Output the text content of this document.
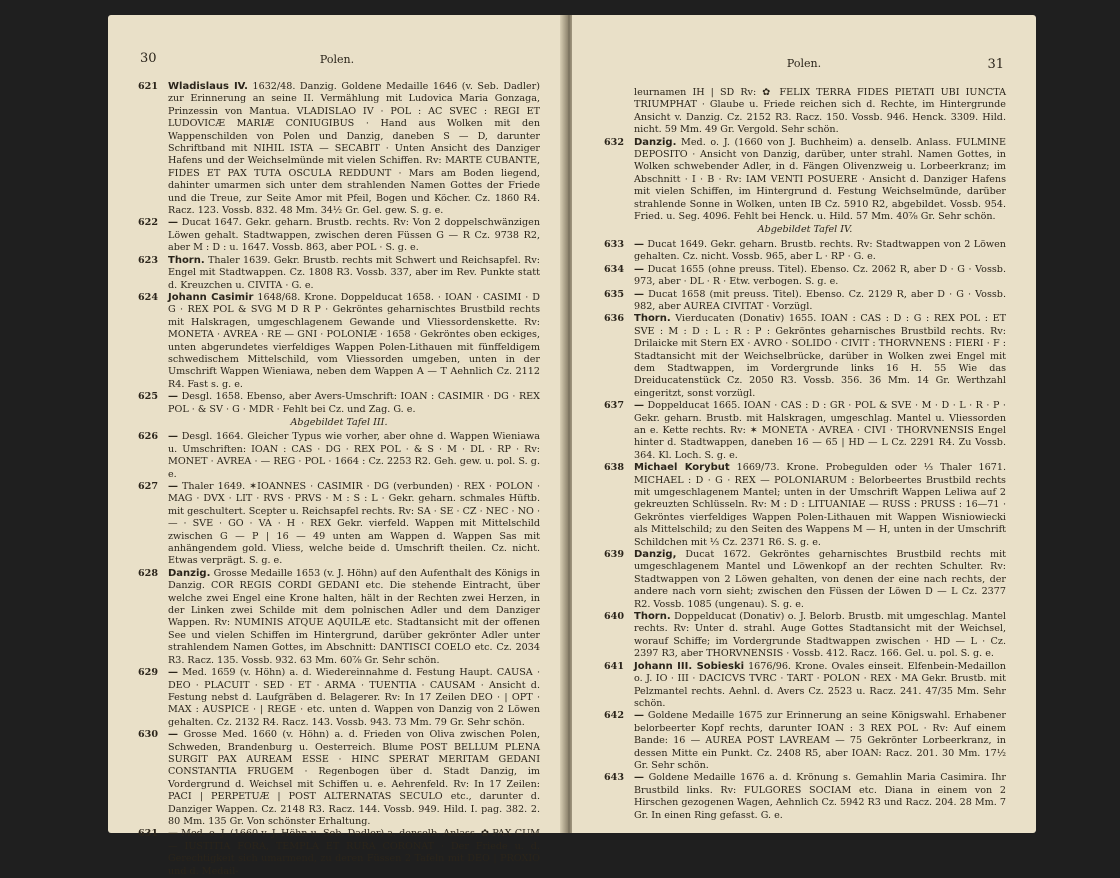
30	Polen.

621 Wladislaus IV. 1632/48. Danzig. Goldene Medaille 1646 (v. Seb. Dadler) zur Erinnerung an seine II. Vermählung mit Ludovica Maria Gonzaga, Prinzessin von Mantua. VLADISLAO IV · POL : AC SVEC : REGI ET LUDOVICÆ MARIÆ CONIUGIBUS · Hand aus Wolken mit den Wappenschilden von Polen und Danzig, daneben S — D, darunter Schriftband mit NIHIL ISTA — SECABIT · Unten Ansicht des Danziger Hafens und der Weichselmünde mit vielen Schiffen. Rv: MARTE CUBANTE, FIDES ET PAX TUTA OSCULA REDDUNT · Mars am Boden liegend, dahinter umarmen sich unter dem strahlenden Namen Gottes der Friede und die Treue, zur Seite Amor mit Pfeil, Bogen und Köcher. Cz. 1860 R4. Racz. 123. Vossb. 832. 48 Mm. 34½ Gr. Gel. gew. S. g. e.

622 — Ducat 1647. Gekr. geharn. Brustb. rechts. Rv: Von 2 doppelschwänzigen Löwen gehalt. Stadtwappen, zwischen deren Füssen G — R Cz. 9738 R2, aber M : D : u. 1647. Vossb. 863, aber POL · S. g. e.

623 Thorn. Thaler 1639. Gekr. Brustb. rechts mit Schwert und Reichsapfel. Rv: Engel mit Stadtwappen. Cz. 1808 R3. Vossb. 337, aber im Rev. Punkte statt d. Kreuzchen u. CIVITA · G. e.

624 Johann Casimir 1648/68. Krone. Doppelducat 1658. · IOAN · CASIMI · D G · REX POL & SVG M D R P · Gekröntes geharnischtes Brustbild rechts mit Halskragen, umgeschlagenem Gewande und Vliessordenskette. Rv: MONETA · AVREA · RE — GNI · POLONIÆ · 1658 · Gekröntes oben eckiges, unten abgerundetes vierfeldiges Wappen Polen-Lithauen mit fünffeldigem schwedischem Mittelschild, vom Vliessorden umgeben, unten in der Umschrift Wappen Wieniawa, neben dem Wappen A — T Aehnlich Cz. 2112 R4. Fast s. g. e.

625 — Desgl. 1658. Ebenso, aber Avers-Umschrift: IOAN : CASIMIR · DG · REX POL · & SV · G · MDR · Fehlt bei Cz. und Zag. G. e.

Abgebildet Tafel III.

626 — Desgl. 1664. Gleicher Typus wie vorher, aber ohne d. Wappen Wieniawa u. Umschriften: IOAN : CAS · DG · REX POL · & S · M · DL · RP · Rv: MONET · AVREA · — REG · POL · 1664 : Cz. 2253 R2. Geh. gew. u. pol. S. g. e.

627 — Thaler 1649. ✶IOANNES · CASIMIR · DG (verbunden) · REX · POLON · MAG · DVX · LIT · RVS · PRVS · M : S : L · Gekr. geharn. schmales Hüftb. mit geschultert. Scepter u. Reichsapfel rechts. Rv: SA · SE · CZ · NEC · NO · — · SVE · GO · VA · H · REX Gekr. vierfeld. Wappen mit Mittelschild zwischen G — P | 16 — 49 unten am Wappen d. Wappen Sas mit anhängendem gold. Vliess, welche beide d. Umschrift theilen. Cz. nicht. Etwas verprägt. S. g. e.

628 Danzig. Grosse Medaille 1653 (v. J. Höhn) auf den Aufenthalt des Königs in Danzig. COR REGIS CORDI GEDANI etc. Die stehende Eintracht, über welche zwei Engel eine Krone halten, hält in der Rechten zwei Herzen, in der Linken zwei Schilde mit dem polnischen Adler und dem Danziger Wappen. Rv: NUMINIS ATQUE AQUILÆ etc. Stadtansicht mit der offenen See und vielen Schiffen im Hintergrund, darüber gekrönter Adler unter strahlendem Namen Gottes, im Abschnitt: DANTISCI COELO etc. Cz. 2034 R3. Racz. 135. Vossb. 932. 63 Mm. 60⅞ Gr. Sehr schön.

629 — Med. 1659 (v. Höhn) a. d. Wiedereinnahme d. Festung Haupt. CAUSA · DEO · PLACUIT · SED · ET · ARMA · TUENTIA · CAUSAM · Ansicht d. Festung nebst d. Laufgräben d. Belagerer. Rv: In 17 Zeilen DEO · | OPT · MAX : AUSPICE · | REGE · etc. unten d. Wappen von Danzig von 2 Löwen gehalten. Cz. 2132 R4. Racz. 143. Vossb. 943. 73 Mm. 79 Gr. Sehr schön.

630 — Grosse Med. 1660 (v. Höhn) a. d. Frieden von Oliva zwischen Polen, Schweden, Brandenburg u. Oesterreich. Blume POST BELLUM PLENA SURGIT PAX AUREAM ESSE · HINC SPERAT MERITAM GEDANI CONSTANTIA FRUGEM · Regenbogen über d. Stadt Danzig, im Vordergrund d. Weichsel mit Schiffen u. e. Aehrenfeld. Rv: In 17 Zeilen: PACI | PERPETUÆ | POST ALTERNATAS SECULO etc., darunter d. Danziger Wappen. Cz. 2148 R3. Racz. 144. Vossb. 949. Hild. I. pag. 382. 2. 80 Mm. 135 Gr. Von schönster Erhaltung.

631 — Med. o. J. (1660 v. J. Höhn u. Seb. Dadler) a. denselb. Anlass. ✿ PAX CUM — IUSTITIA FORA, TEMPLA ET RURA CORONAT · Der Friede u. d. Gerechtigkeit sich umarmend, zu deren Füssen 2 Tafeln mit DEO | PROXIO und d. Medail-

Polen.	31

leurnamen IH | SD Rv: ✿ FELIX TERRA FIDES PIETATI UBI IUNCTA TRIUMPHAT · Glaube u. Friede reichen sich d. Rechte, im Hintergrunde Ansicht v. Danzig. Cz. 2152 R3. Racz. 150. Vossb. 946. Henck. 3309. Hild. nicht. 59 Mm. 49 Gr. Vergold. Sehr schön.

632 Danzig. Med. o. J. (1660 von J. Buchheim) a. denselb. Anlass. FULMINE DEPOSITO · Ansicht von Danzig, darüber, unter strahl. Namen Gottes, in Wolken schwebender Adler, in d. Fängen Olivenzweig u. Lorbeerkranz; im Abschnitt · I · B · Rv: IAM VENTI POSUERE · Ansicht d. Danziger Hafens mit vielen Schiffen, im Hintergrund d. Festung Weichselmünde, darüber strahlende Sonne in Wolken, unten IB Cz. 5910 R2, abgebildet. Vossb. 954. Fried. u. Seg. 4096. Fehlt bei Henck. u. Hild. 57 Mm. 40⅞ Gr. Sehr schön.

Abgebildet Tafel IV.

633 — Ducat 1649. Gekr. geharn. Brustb. rechts. Rv: Stadtwappen von 2 Löwen gehalten. Cz. nicht. Vossb. 965, aber L · RP · G. e.

634 — Ducat 1655 (ohne preuss. Titel). Ebenso. Cz. 2062 R, aber D · G · Vossb. 973, aber · DL · R · Etw. verbogen. S. g. e.

635 — Ducat 1658 (mit preuss. Titel). Ebenso. Cz. 2129 R, aber D · G · Vossb. 982, aber AUREA CIVITAT · Vorzügl.

636 Thorn. Vierducaten (Donativ) 1655. IOAN : CAS : D : G : REX POL : ET SVE : M : D : L : R : P : Gekröntes geharnisches Brustbild rechts. Rv: Drilaicke mit Stern EX · AVRO · SOLIDO · CIVIT : THORVNENS : FIERI · F : Stadtansicht mit der Weichselbrücke, darüber in Wolken zwei Engel mit dem Stadtwappen, im Vordergrunde links 16 H. 55 Wie das Dreiducatenstück Cz. 2050 R3. Vossb. 356. 36 Mm. 14 Gr. Werthzahl eingeritzt, sonst vorzügl.

637 — Doppelducat 1665. IOAN · CAS : D : GR · POL & SVE · M · D · L · R · P · Gekr. geharn. Brustb. mit Halskragen, umgeschlag. Mantel u. Vliessorden an e. Kette rechts. Rv: ✶ MONETA · AVREA · CIVI · THORVNENSIS Engel hinter d. Stadtwappen, daneben 16 — 65 | HD — L Cz. 2291 R4. Zu Vossb. 364. Kl. Loch. S. g. e.

638 Michael Korybut 1669/73. Krone. Probegulden oder ⅓ Thaler 1671. MICHAEL : D · G · REX — POLONIARUM : Belorbeertes Brustbild rechts mit umgeschlagenem Mantel; unten in der Umschrift Wappen Leliwa auf 2 gekreuzten Schlüsseln. Rv: M : D : LITUANIAE — RUSS : PRUSS : 16—71 · Gekröntes vierfeldiges Wappen Polen-Lithauen mit Wappen Wisniowiecki als Mittelschild; zu den Seiten des Wappens M — H, unten in der Umschrift Schildchen mit ⅓ Cz. 2371 R6. S. g. e.

639 Danzig, Ducat 1672. Gekröntes geharnischtes Brustbild rechts mit umgeschlagenem Mantel und Löwenkopf an der rechten Schulter. Rv: Stadtwappen von 2 Löwen gehalten, von denen der eine nach rechts, der andere nach vorn sieht; zwischen den Füssen der Löwen D — L Cz. 2377 R2. Vossb. 1085 (ungenau). S. g. e.

640 Thorn. Doppelducat (Donativ) o. J. Belorb. Brustb. mit umgeschlag. Mantel rechts. Rv: Unter d. strahl. Auge Gottes Stadtansicht mit der Weichsel, worauf Schiffe; im Vordergrunde Stadtwappen zwischen · HD — L · Cz. 2397 R3, aber THORVNENSIS · Vossb. 412. Racz. 166. Gel. u. pol. S. g. e.

641 Johann III. Sobieski 1676/96. Krone. Ovales einseit. Elfenbein-Medaillon o. J. IO · III · DACICVS TVRC · TART · POLON · REX · MA Gekr. Brustb. mit Pelzmantel rechts. Aehnl. d. Avers Cz. 2523 u. Racz. 241. 47/35 Mm. Sehr schön.

642 — Goldene Medaille 1675 zur Erinnerung an seine Königswahl. Erhabener belorbeerter Kopf rechts, darunter IOAN : 3 REX POL · Rv: Auf einem Bande: 16 — AUREA POST LAVREAM — 75 Gekrönter Lorbeerkranz, in dessen Mitte ein Punkt. Cz. 2408 R5, aber IOAN: Racz. 201. 30 Mm. 17½ Gr. Sehr schön.

643 — Goldene Medaille 1676 a. d. Krönung s. Gemahlin Maria Casimira. Ihr Brustbild links. Rv: FULGORES SOCIAM etc. Diana in einem von 2 Hirschen gezogenen Wagen, Aehnlich Cz. 5942 R3 und Racz. 204. 28 Mm. 7 Gr. In einen Ring gefasst. G. e.
